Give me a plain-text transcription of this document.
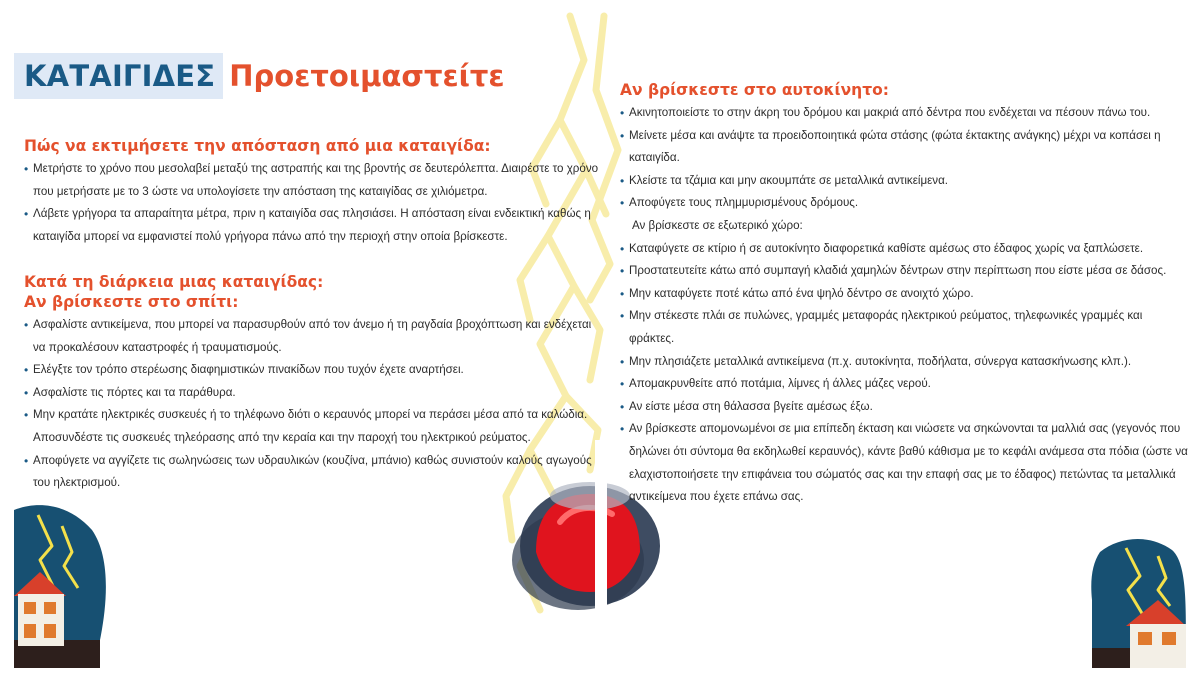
ΚΑΤΑΙΓΙΔΕΣ Προετοιμαστείτε
Πώς να εκτιμήσετε την απόσταση από μια καταιγίδα:
• Μετρήστε το χρόνο που μεσολαβεί μεταξύ της αστραπής και της βροντής σε δευτερόλεπτα. Διαιρέστε το χρόνο που μετρήσατε με το 3 ώστε να υπολογίσετε την απόσταση της καταιγίδας σε χιλιόμετρα.
• Λάβετε γρήγορα τα απαραίτητα μέτρα, πριν η καταιγίδα σας πλησιάσει. Η απόσταση είναι ενδεικτική καθώς η καταιγίδα μπορεί να εμφανιστεί πολύ γρήγορα πάνω από την περιοχή στην οποία βρίσκεστε.
Κατά τη διάρκεια μιας καταιγίδας:
Αν βρίσκεστε στο σπίτι:
• Ασφαλίστε αντικείμενα, που μπορεί να παρασυρθούν από τον άνεμο ή τη ραγδαία βροχόπτωση και ενδέχεται να προκαλέσουν καταστροφές ή τραυματισμούς.
• Ελέγξτε τον τρόπο στερέωσης διαφημιστικών πινακίδων που τυχόν έχετε αναρτήσει.
• Ασφαλίστε τις πόρτες και τα παράθυρα.
• Μην κρατάτε ηλεκτρικές συσκευές ή το τηλέφωνο διότι ο κεραυνός μπορεί να περάσει μέσα από τα καλώδια. Αποσυνδέστε τις συσκευές τηλεόρασης από την κεραία και την παροχή του ηλεκτρικού ρεύματος.
• Αποφύγετε να αγγίζετε τις σωληνώσεις των υδραυλικών (κουζίνα, μπάνιο) καθώς συνιστούν καλούς αγωγούς του ηλεκτρισμού.
Αν βρίσκεστε στο αυτοκίνητο:
• Ακινητοποιείστε το στην άκρη του δρόμου και μακριά από δέντρα που ενδέχεται να πέσουν πάνω του.
• Μείνετε μέσα και ανάψτε τα προειδοποιητικά φώτα στάσης (φώτα έκτακτης ανάγκης) μέχρι να κοπάσει η καταιγίδα.
• Κλείστε τα τζάμια και μην ακουμπάτε σε μεταλλικά αντικείμενα.
• Αποφύγετε τους πλημμυρισμένους δρόμους.
Αν βρίσκεστε σε εξωτερικό χώρο:
• Καταφύγετε σε κτίριο ή σε αυτοκίνητο διαφορετικά καθίστε αμέσως στο έδαφος χωρίς να ξαπλώσετε.
• Προστατευτείτε κάτω από συμπαγή κλαδιά χαμηλών δέντρων στην περίπτωση που είστε μέσα σε δάσος.
• Μην καταφύγετε ποτέ κάτω από ένα ψηλό δέντρο σε ανοιχτό χώρο.
• Μην στέκεστε πλάι σε πυλώνες, γραμμές μεταφοράς ηλεκτρικού ρεύματος, τηλεφωνικές γραμμές και φράκτες.
• Μην πλησιάζετε μεταλλικά αντικείμενα (π.χ. αυτοκίνητα, ποδήλατα, σύνεργα κατασκήνωσης κλπ.).
• Απομακρυνθείτε από ποτάμια, λίμνες ή άλλες μάζες νερού.
• Αν είστε μέσα στη θάλασσα βγείτε αμέσως έξω.
• Αν βρίσκεστε απομονωμένοι σε μια επίπεδη έκταση και νιώσετε να σηκώνονται τα μαλλιά σας (γεγονός που δηλώνει ότι σύντομα θα εκδηλωθεί κεραυνός), κάντε βαθύ κάθισμα με το κεφάλι ανάμεσα στα πόδια (ώστε να ελαχιστοποιήσετε την επιφάνεια του σώματός σας και την επαφή σας με το έδαφος) πετώντας τα μεταλλικά αντικείμενα που έχετε επάνω σας.
